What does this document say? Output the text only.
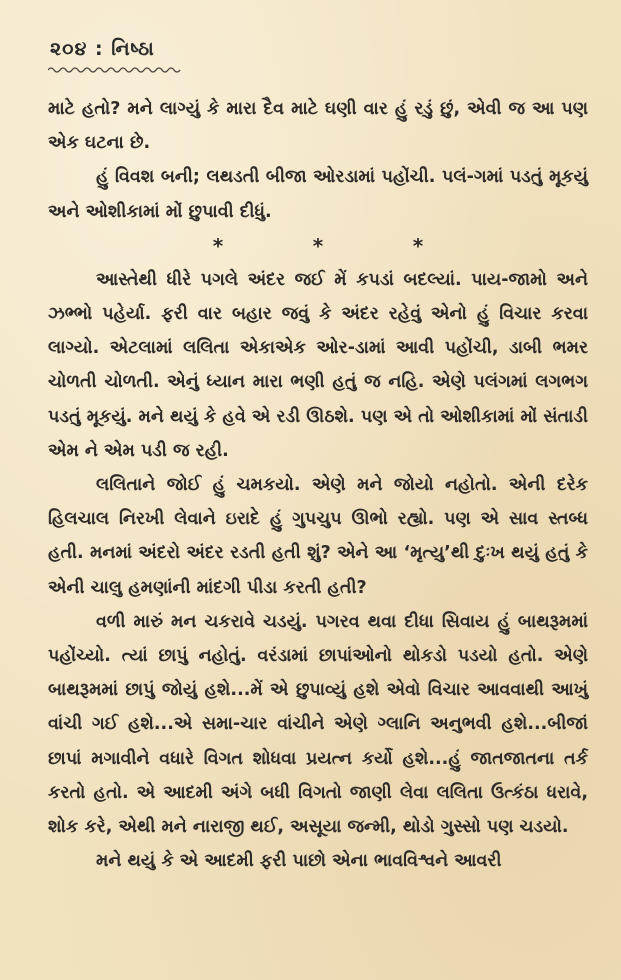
૨૦૪ : નિષ્ઠા

માટે હતો? મને લાગ્યું કે મારા દૈવ માટે ઘણી વાર હું રડું છું, એવી જ આ પણ એક ઘટના છે.

હું વિવશ બની; લથડતી બીજા ઓરડામાં પહોંચી. પલં-ગમાં પડતું મૂકયું અને ઓશીકામાં મોં છુપાવી દીધું.

*	*	*

આસ્તેથી ધીરે પગલે અંદર જઈ મેં કપડાં બદલ્યાં. પાય-જામો અને ઝભ્ભો પહેર્યા. ફરી વાર બહાર જવું કે અંદર રહેવું એનો હું વિચાર કરવા લાગ્યો. એટલામાં લલિતા એકાએક ઓર-ડામાં આવી પહોંચી, ડાબી ભમર ચોળતી ચોળતી. એનું ધ્યાન મારા ભણી હતું જ નહિ. એણે પલંગમાં લગભગ પડતું મૂકયું. મને થયું કે હવે એ રડી ઊઠશે. પણ એ તો ઓશીકામાં મોં સંતાડી એમ ને એમ પડી જ રહી.

લલિતાને જોઈ હું ચમકયો. એણે મને જોયો નહોતો. એની દરેક હિલચાલ નિરખી લેવાને ઇરાદે હું ગુપચુપ ઊભો રહ્યો. પણ એ સાવ સ્તબ્ધ હતી. મનમાં અંદરો અંદર રડતી હતી શું? એને આ ‘મૃત્યુ’થી દુઃખ થયું હતું કે એની ચાલુ હમણાંની માંદગી પીડા કરતી હતી?

વળી મારું મન ચકરાવે ચડયું. પગરવ થવા દીધા સિવાય હું બાથરૂમમાં પહોંચ્યો. ત્યાં છાપું નહોતું. વરંડામાં છાપાંઓનો થોકડો પડયો હતો. એણે બાથરૂમમાં છાપું જોયું હશે...મેં એ છુપાવ્યું હશે એવો વિચાર આવવાથી આખું વાંચી ગઈ હશે...એ સમા-ચાર વાંચીને એણે ગ્લાનિ અનુભવી હશે...બીજાં છાપાં મગાવીને વધારે વિગત શોધવા પ્રયત્ન કર્યો હશે...હું જાતજાતના તર્ક કરતો હતો. એ આદમી અંગે બધી વિગતો જાણી લેવા લલિતા ઉત્કંઠા ધરાવે, શોક કરે, એથી મને નારાજી થઈ, અસૂયા જન્મી, થોડો ગુસ્સો પણ ચડયો.

મને થયું કે એ આદમી ફરી પાછો એના ભાવવિશ્વને આવરી
